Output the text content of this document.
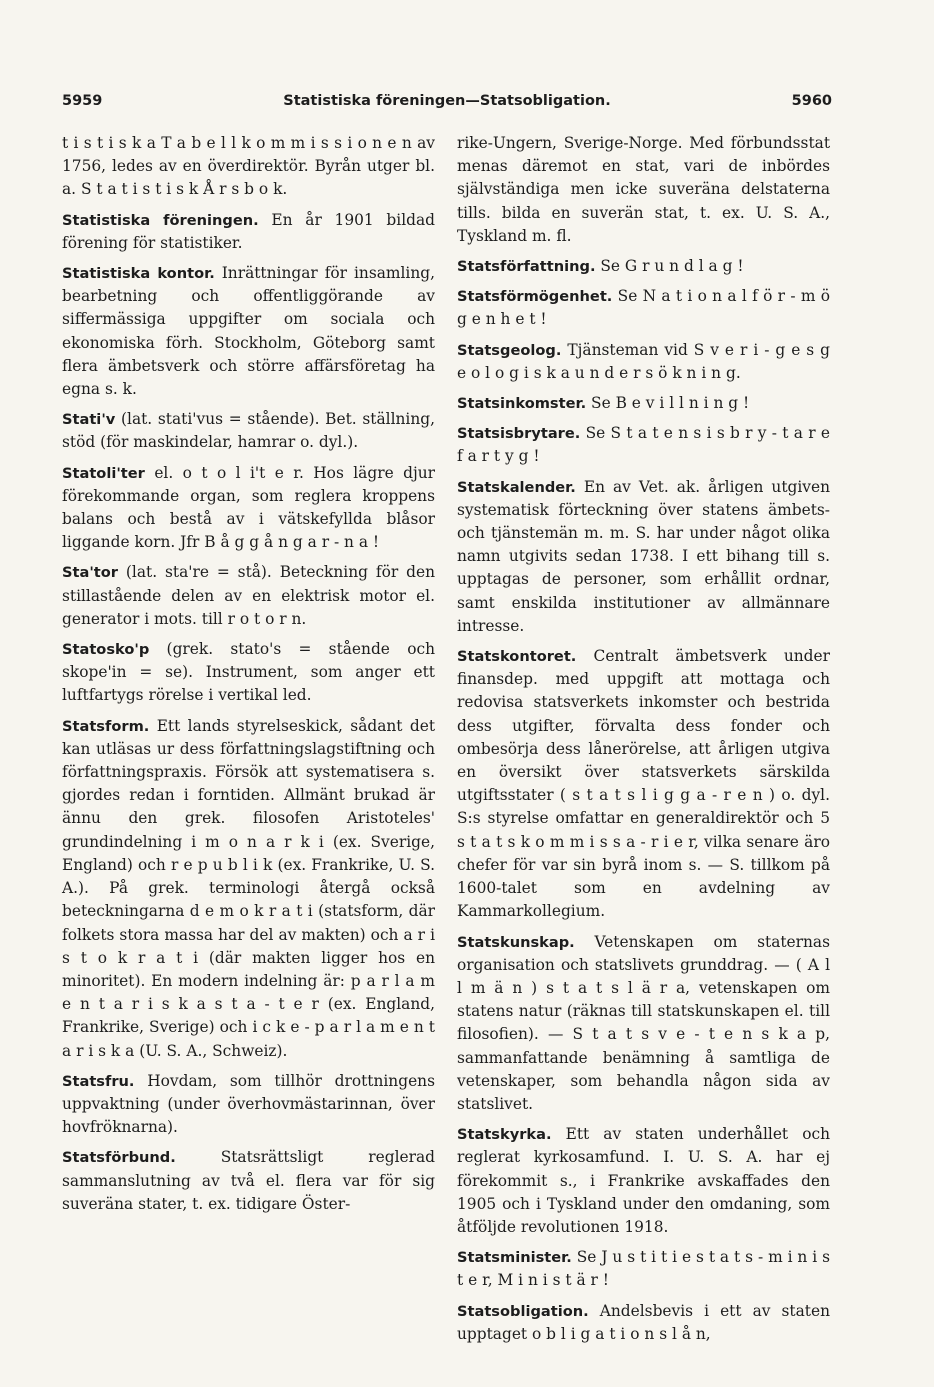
5959	Statistiska föreningen—Statsobligation.	5960

t i s t i s k a T a b e l l k o m m i s s i o n e n av 1756, ledes av en överdirektör. Byrån utger bl. a. S t a t i s t i s k Å r s b o k.

Statistiska föreningen. En år 1901 bildad förening för statistiker.

Statistiska kontor. Inrättningar för insamling, bearbetning och offentliggörande av siffermässiga uppgifter om sociala och ekonomiska förh. Stockholm, Göteborg samt flera ämbetsverk och större affärsföretag ha egna s. k.

Stati'v (lat. stati'vus = stående). Bet. ställning, stöd (för maskindelar, hamrar o. dyl.).

Statoli'ter el. o t o l i't e r. Hos lägre djur förekommande organ, som reglera kroppens balans och bestå av i vätskefyllda blåsor liggande korn. Jfr B å g g å n g a r - n a !

Sta'tor (lat. sta're = stå). Beteckning för den stillastående delen av en elektrisk motor el. generator i mots. till r o t o r n.

Statosko'p (grek. stato's = stående och skope'in = se). Instrument, som anger ett luftfartygs rörelse i vertikal led.

Statsform. Ett lands styrelseskick, sådant det kan utläsas ur dess författningslagstiftning och författningspraxis. Försök att systematisera s. gjordes redan i forntiden. Allmänt brukad är ännu den grek. filosofen Aristoteles' grundindelning i m o n a r k i (ex. Sverige, England) och r e p u b l i k (ex. Frankrike, U. S. A.). På grek. terminologi återgå också beteckningarna d e m o k r a t i (statsform, där folkets stora massa har del av makten) och a r i s t o k r a t i (där makten ligger hos en minoritet). En modern indelning är: p a r l a m e n t a r i s k a s t a - t e r (ex. England, Frankrike, Sverige) och i c k e - p a r l a m e n t a r i s k a (U. S. A., Schweiz).

Statsfru. Hovdam, som tillhör drottningens uppvaktning (under överhovmästarinnan, över hovfröknarna).

Statsförbund. Statsrättsligt reglerad sammanslutning av två el. flera var för sig suveräna stater, t. ex. tidigare Öster-

rike-Ungern, Sverige-Norge. Med förbundsstat menas däremot en stat, vari de inbördes självständiga men icke suveräna delstaterna tills. bilda en suverän stat, t. ex. U. S. A., Tyskland m. fl.

Statsförfattning. Se G r u n d l a g !

Statsförmögenhet. Se N a t i o n a l f ö r - m ö g e n h e t !

Statsgeolog. Tjänsteman vid S v e r i - g e s g e o l o g i s k a u n d e r s ö k n i n g.

Statsinkomster. Se B e v i l l n i n g !

Statsisbrytare. Se S t a t e n s i s b r y - t a r e f a r t y g !

Statskalender. En av Vet. ak. årligen utgiven systematisk förteckning över statens ämbets- och tjänstemän m. m. S. har under något olika namn utgivits sedan 1738. I ett bihang till s. upptagas de personer, som erhållit ordnar, samt enskilda institutioner av allmännare intresse.

Statskontoret. Centralt ämbetsverk under finansdep. med uppgift att mottaga och redovisa statsverkets inkomster och bestrida dess utgifter, förvalta dess fonder och ombesörja dess lånerörelse, att årligen utgiva en översikt över statsverkets särskilda utgiftsstater ( s t a t s l i g g a - r e n ) o. dyl. S:s styrelse omfattar en generaldirektör och 5 s t a t s k o m m i s s a - r i e r, vilka senare äro chefer för var sin byrå inom s. — S. tillkom på 1600-talet som en avdelning av Kammarkollegium.

Statskunskap. Vetenskapen om staternas organisation och statslivets grunddrag. — ( A l l m ä n ) s t a t s l ä r a, vetenskapen om statens natur (räknas till statskunskapen el. till filosofien). — S t a t s v e - t e n s k a p, sammanfattande benämning å samtliga de vetenskaper, som behandla någon sida av statslivet.

Statskyrka. Ett av staten underhållet och reglerat kyrkosamfund. I. U. S. A. har ej förekommit s., i Frankrike avskaffades den 1905 och i Tyskland under den omdaning, som åtföljde revolutionen 1918.

Statsminister. Se J u s t i t i e s t a t s - m i n i s t e r, M i n i s t ä r !

Statsobligation. Andelsbevis i ett av staten upptaget o b l i g a t i o n s l å n,
